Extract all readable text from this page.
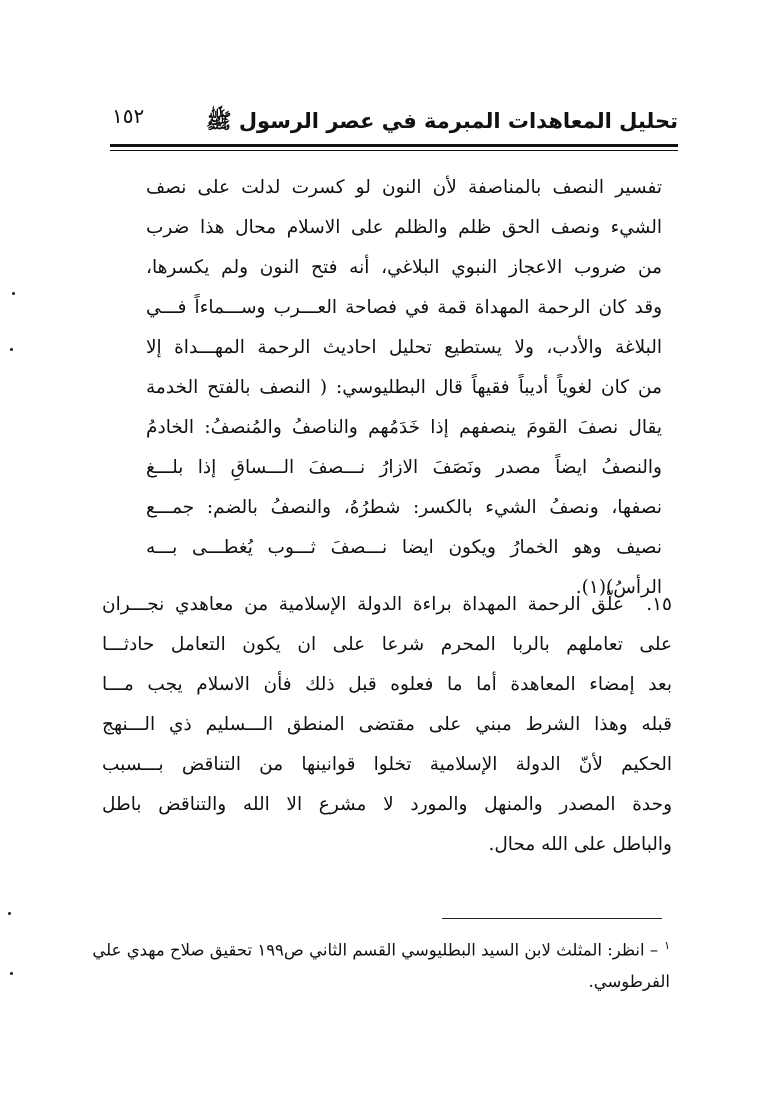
تحليل المعاهدات المبرمة في عصر الرسول ﷺ
١٥٢
تفسير النصف بالمناصفة لأن النون لو كسرت لدلت على نصف
الشيء ونصف الحق ظلم والظلم على الاسلام محال هذا ضرب
من ضروب الاعجاز النبوي البلاغي، أنه فتح النون ولم يكسرها،
وقد كان الرحمة المهداة قمة في فصاحة العـــرب وســـماءاً فـــي
البلاغة والأدب، ولا يستطيع تحليل احاديث الرحمة المهـــداة إلا
من كان لغوياً أديباً فقيهاً قال البطليوسي: ( النصف بالفتح الخدمة
يقال نصفَ القومَ ينصفهم إذا خَدَمُهم والناصفُ والمُنصفُ: الخادمُ
والنصفُ ايضاً مصدر ونَصَفَ الازارُ نـــصفَ الـــساقِ إذا بلـــغ
نصفها، ونصفُ الشيء بالكسر: شطرُهُ، والنصفُ بالضم: جمـــع
نصيف وهو الخمارُ ويكون ايضا نـــصفَ ثـــوب يُغطـــى بـــه
الرأسُ)(١).
١٥.
علّق الرحمة المهداة براءة الدولة الإسلامية من معاهدي نجـــران
على تعاملهم بالربا المحرم شرعا على ان يكون التعامل حادثـــا
بعد إمضاء المعاهدة أما ما فعلوه قبل ذلك فأن الاسلام يجب مـــا
قبله وهذا الشرط مبني على مقتضى المنطق الـــسليم ذي الـــنهج
الحكيم لأنّ الدولة الإسلامية تخلوا قوانينها من التناقض بـــسبب
وحدة المصدر والمنهل والمورد لا مشرع الا الله والتناقض باطل
والباطل على الله محال.
$^١$– انظر: المثلث لابن السيد البطليوسي القسم الثاني ص١٩٩ تحقيق صلاح مهدي علي
الفرطوسي.
